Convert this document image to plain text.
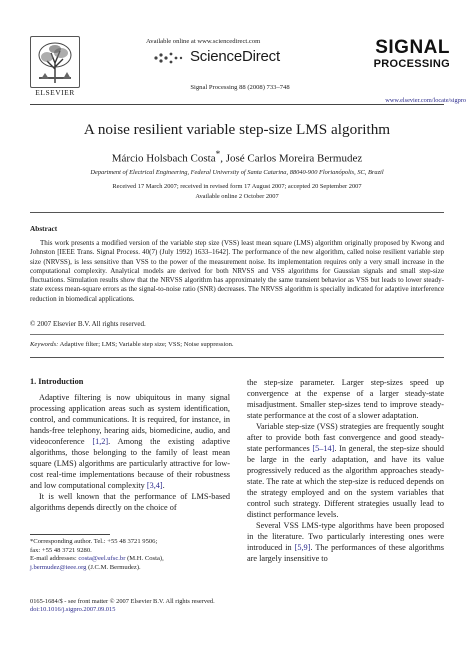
ELSEVIER
Available online at www.sciencedirect.com
ScienceDirect
Signal Processing 88 (2008) 733–748
SIGNAL
PROCESSING
www.elsevier.com/locate/sigpro
A noise resilient variable step-size LMS algorithm
Márcio Holsbach Costa*, José Carlos Moreira Bermudez
Department of Electrical Engineering, Federal University of Santa Catarina, 88040-900 Florianópolis, SC, Brazil
Received 17 March 2007; received in revised form 17 August 2007; accepted 20 September 2007
Available online 2 October 2007
Abstract
This work presents a modified version of the variable step size (VSS) least mean square (LMS) algorithm originally proposed by Kwong and Johnston [IEEE Trans. Signal Process. 40(7) (July 1992) 1633–1642]. The performance of the new algorithm, called noise resilient variable step size (NRVSS), is less sensitive than VSS to the power of the measurement noise. Its implementation requires only a very small increase in the computational complexity. Analytical models are derived for both NRVSS and VSS algorithms for Gaussian signals and small step-size fluctuations. Simulation results show that the NRVSS algorithm has approximately the same transient behavior as VSS but leads to lower steady-state excess mean-square errors as the signal-to-noise ratio (SNR) decreases. The NRVSS algorithm is specially indicated for adaptive interference reduction in biomedical applications.
© 2007 Elsevier B.V. All rights reserved.
Keywords: Adaptive filter; LMS; Variable step size; VSS; Noise suppression.
1. Introduction

Adaptive filtering is now ubiquitous in many signal processing application areas such as system identification, control, and communications. It is required, for instance, in hands-free telephony, hearing aids, biomedicine, audio, and videoconference [1,2]. Among the existing adaptive algorithms, those belonging to the family of least mean square (LMS) algorithms are particularly attractive for low-cost real-time implementations because of their robustness and low computational complexity [3,4].

It is well known that the performance of LMS-based algorithms depends directly on the choice of

the step-size parameter. Larger step-sizes speed up convergence at the expense of a larger steady-state misadjustment. Smaller step-sizes tend to improve steady-state performance at the cost of a slower adaptation.

Variable step-size (VSS) strategies are frequently sought after to provide both fast convergence and good steady-state performances [5–14]. In general, the step-size should be large in the early adaptation, and have its value progressively reduced as the algorithm approaches steady-state. The rate at which the step-size is reduced depends on the strategy employed and on the system variables that control such strategy. Different strategies usually lead to distinct performance levels.

Several VSS LMS-type algorithms have been proposed in the literature. Two particularly interesting ones were introduced in [5,9]. The performances of these algorithms are largely insensitive to

*Corresponding author. Tel.: +55 48 3721 9506;
fax: +55 48 3721 9280.
E-mail addresses: costa@eel.ufsc.br (M.H. Costa),
j.bermudez@ieee.org (J.C.M. Bermudez).
0165-1684/$ - see front matter © 2007 Elsevier B.V. All rights reserved.
doi:10.1016/j.sigpro.2007.09.015
